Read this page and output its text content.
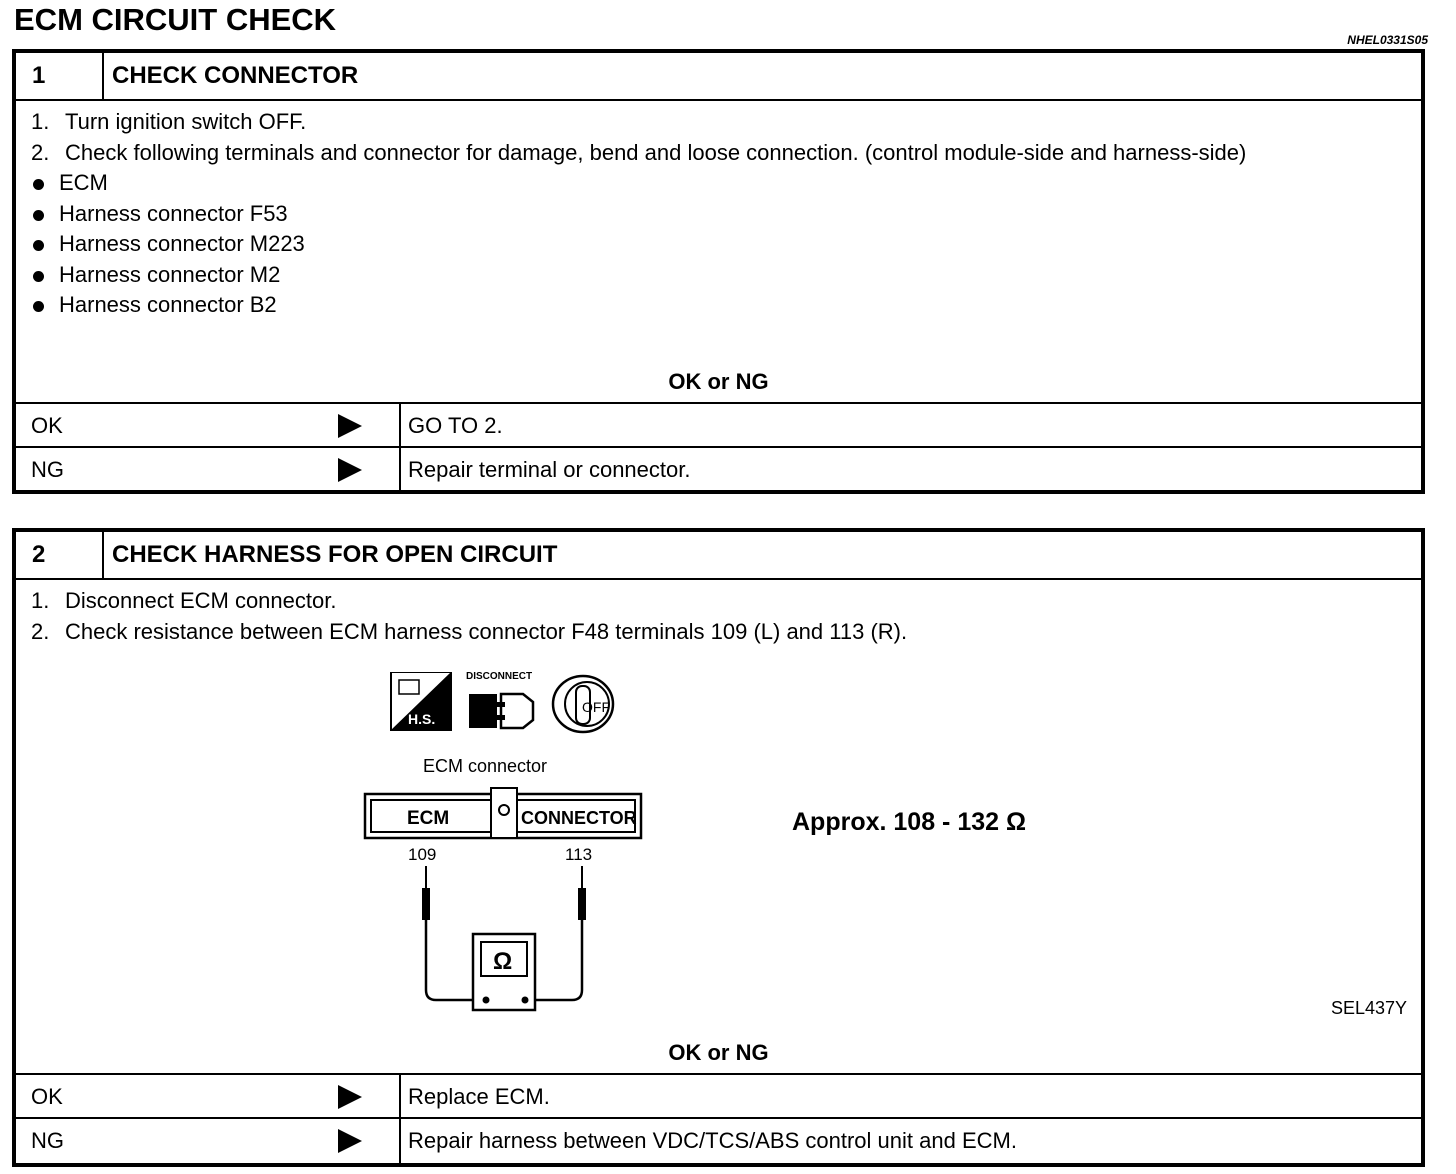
ECM CIRCUIT CHECK
NHEL0331S05
1	CHECK CONNECTOR
1. Turn ignition switch OFF.
2. Check following terminals and connector for damage, bend and loose connection. (control module-side and harness-side)
ECM
Harness connector F53
Harness connector M223
Harness connector M2
Harness connector B2
OK or NG
OK	GO TO 2.
NG	Repair terminal or connector.
2	CHECK HARNESS FOR OPEN CIRCUIT
1. Disconnect ECM connector.
2. Check resistance between ECM harness connector F48 terminals 109 (L) and 113 (R).
H.S.
DISCONNECT
OFF
ECM connector
ECM	CONNECTOR
109	113
Ω
Approx. 108 - 132 Ω
SEL437Y
OK or NG
OK	Replace ECM.
NG	Repair harness between VDC/TCS/ABS control unit and ECM.
